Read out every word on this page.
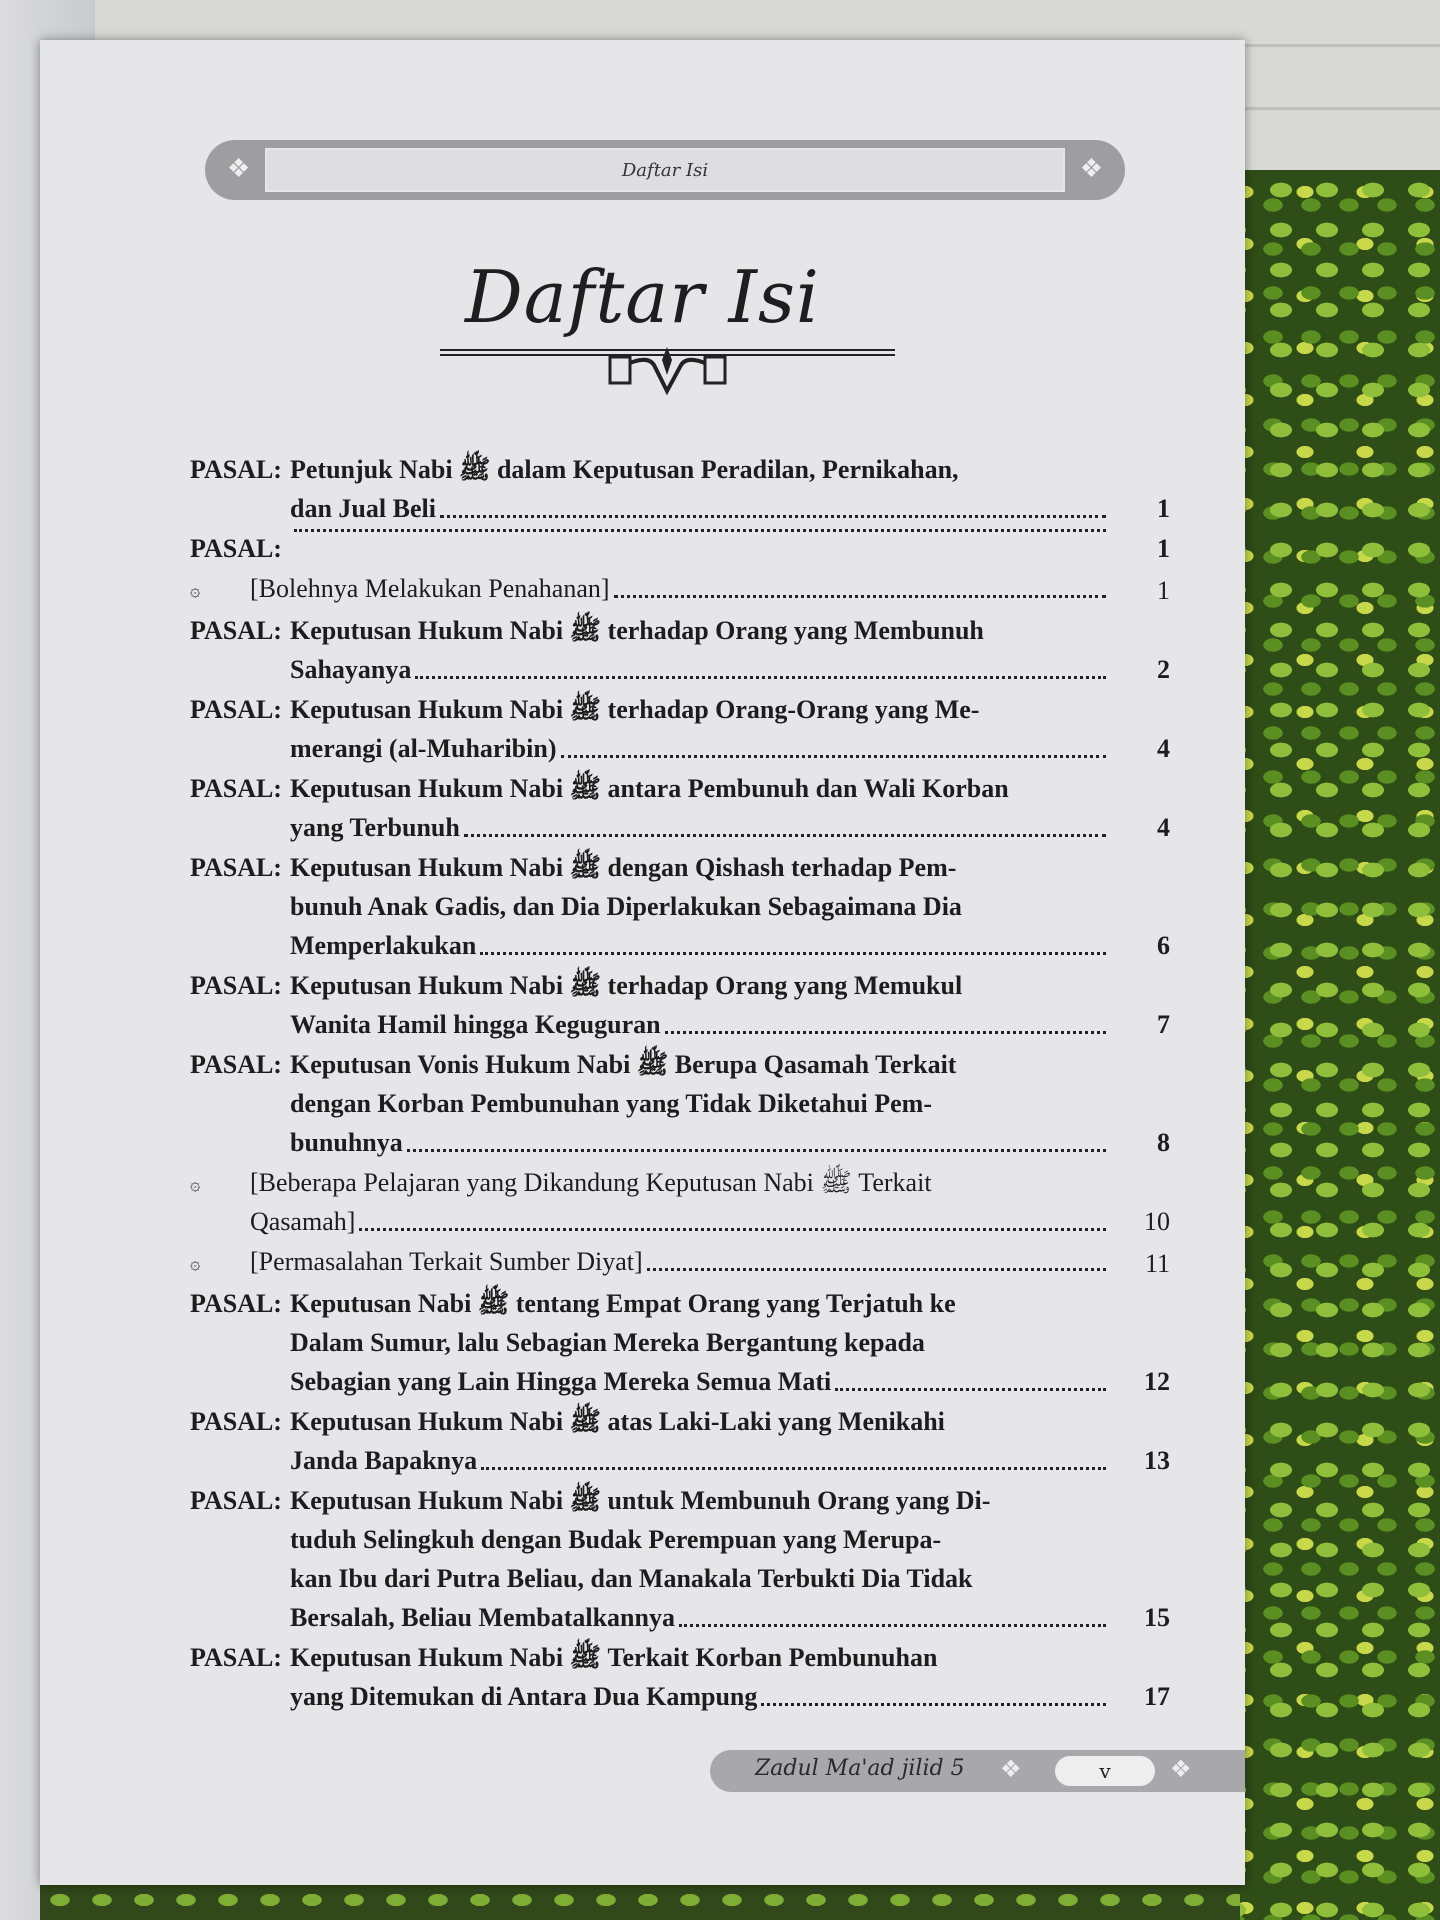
❖	Daftar Isi	❖
Daftar Isi
PASAL: Petunjuk Nabi ﷺ dalam Keputusan Peradilan, Pernikahan,
dan Jual Beli	1
PASAL:	1
۞	[Bolehnya Melakukan Penahanan]	1
PASAL: Keputusan Hukum Nabi ﷺ terhadap Orang yang Membunuh
Sahayanya	2
PASAL: Keputusan Hukum Nabi ﷺ terhadap Orang-Orang yang Me-
merangi (al-Muharibin)	4
PASAL: Keputusan Hukum Nabi ﷺ antara Pembunuh dan Wali Korban
yang Terbunuh	4
PASAL: Keputusan Hukum Nabi ﷺ dengan Qishash terhadap Pem-
bunuh Anak Gadis, dan Dia Diperlakukan Sebagaimana Dia
Memperlakukan	6
PASAL: Keputusan Hukum Nabi ﷺ terhadap Orang yang Memukul
Wanita Hamil hingga Keguguran	7
PASAL: Keputusan Vonis Hukum Nabi ﷺ Berupa Qasamah Terkait
dengan Korban Pembunuhan yang Tidak Diketahui Pem-
bunuhnya	8
۞	[Beberapa Pelajaran yang Dikandung Keputusan Nabi ﷺ Terkait
Qasamah]	10
۞	[Permasalahan Terkait Sumber Diyat]	11
PASAL: Keputusan Nabi ﷺ tentang Empat Orang yang Terjatuh ke
Dalam Sumur, lalu Sebagian Mereka Bergantung kepada
Sebagian yang Lain Hingga Mereka Semua Mati	12
PASAL: Keputusan Hukum Nabi ﷺ atas Laki-Laki yang Menikahi
Janda Bapaknya	13
PASAL: Keputusan Hukum Nabi ﷺ untuk Membunuh Orang yang Di-
tuduh Selingkuh dengan Budak Perempuan yang Merupa-
kan Ibu dari Putra Beliau, dan Manakala Terbukti Dia Tidak
Bersalah, Beliau Membatalkannya	15
PASAL: Keputusan Hukum Nabi ﷺ Terkait Korban Pembunuhan
yang Ditemukan di Antara Dua Kampung	17
Zadul Ma'ad jilid 5 ❖	v	❖
